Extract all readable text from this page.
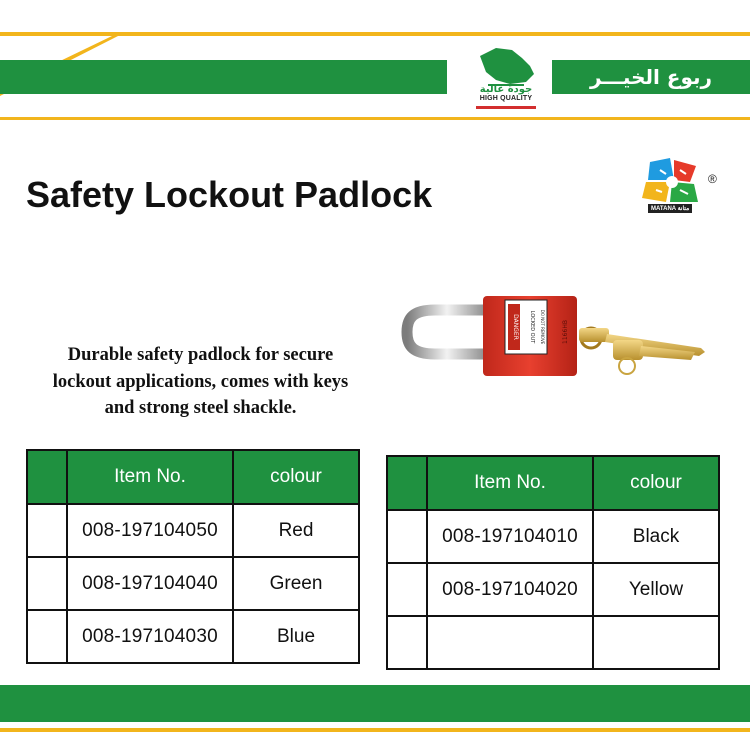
ربوع الخيـــر
جودة عالية
HIGH QUALITY
®
MATANA متانة
Safety Lockout Padlock
DANGER LOCKED OUT DO NOT REMOVE	1166HB
Durable safety padlock for secure
lockout applications, comes with keys
and strong steel shackle.
	Item No.	colour
	008-197104050	Red
	008-197104040	Green
	008-197104030	Blue
	Item No.	colour
	008-197104010	Black
	008-197104020	Yellow
